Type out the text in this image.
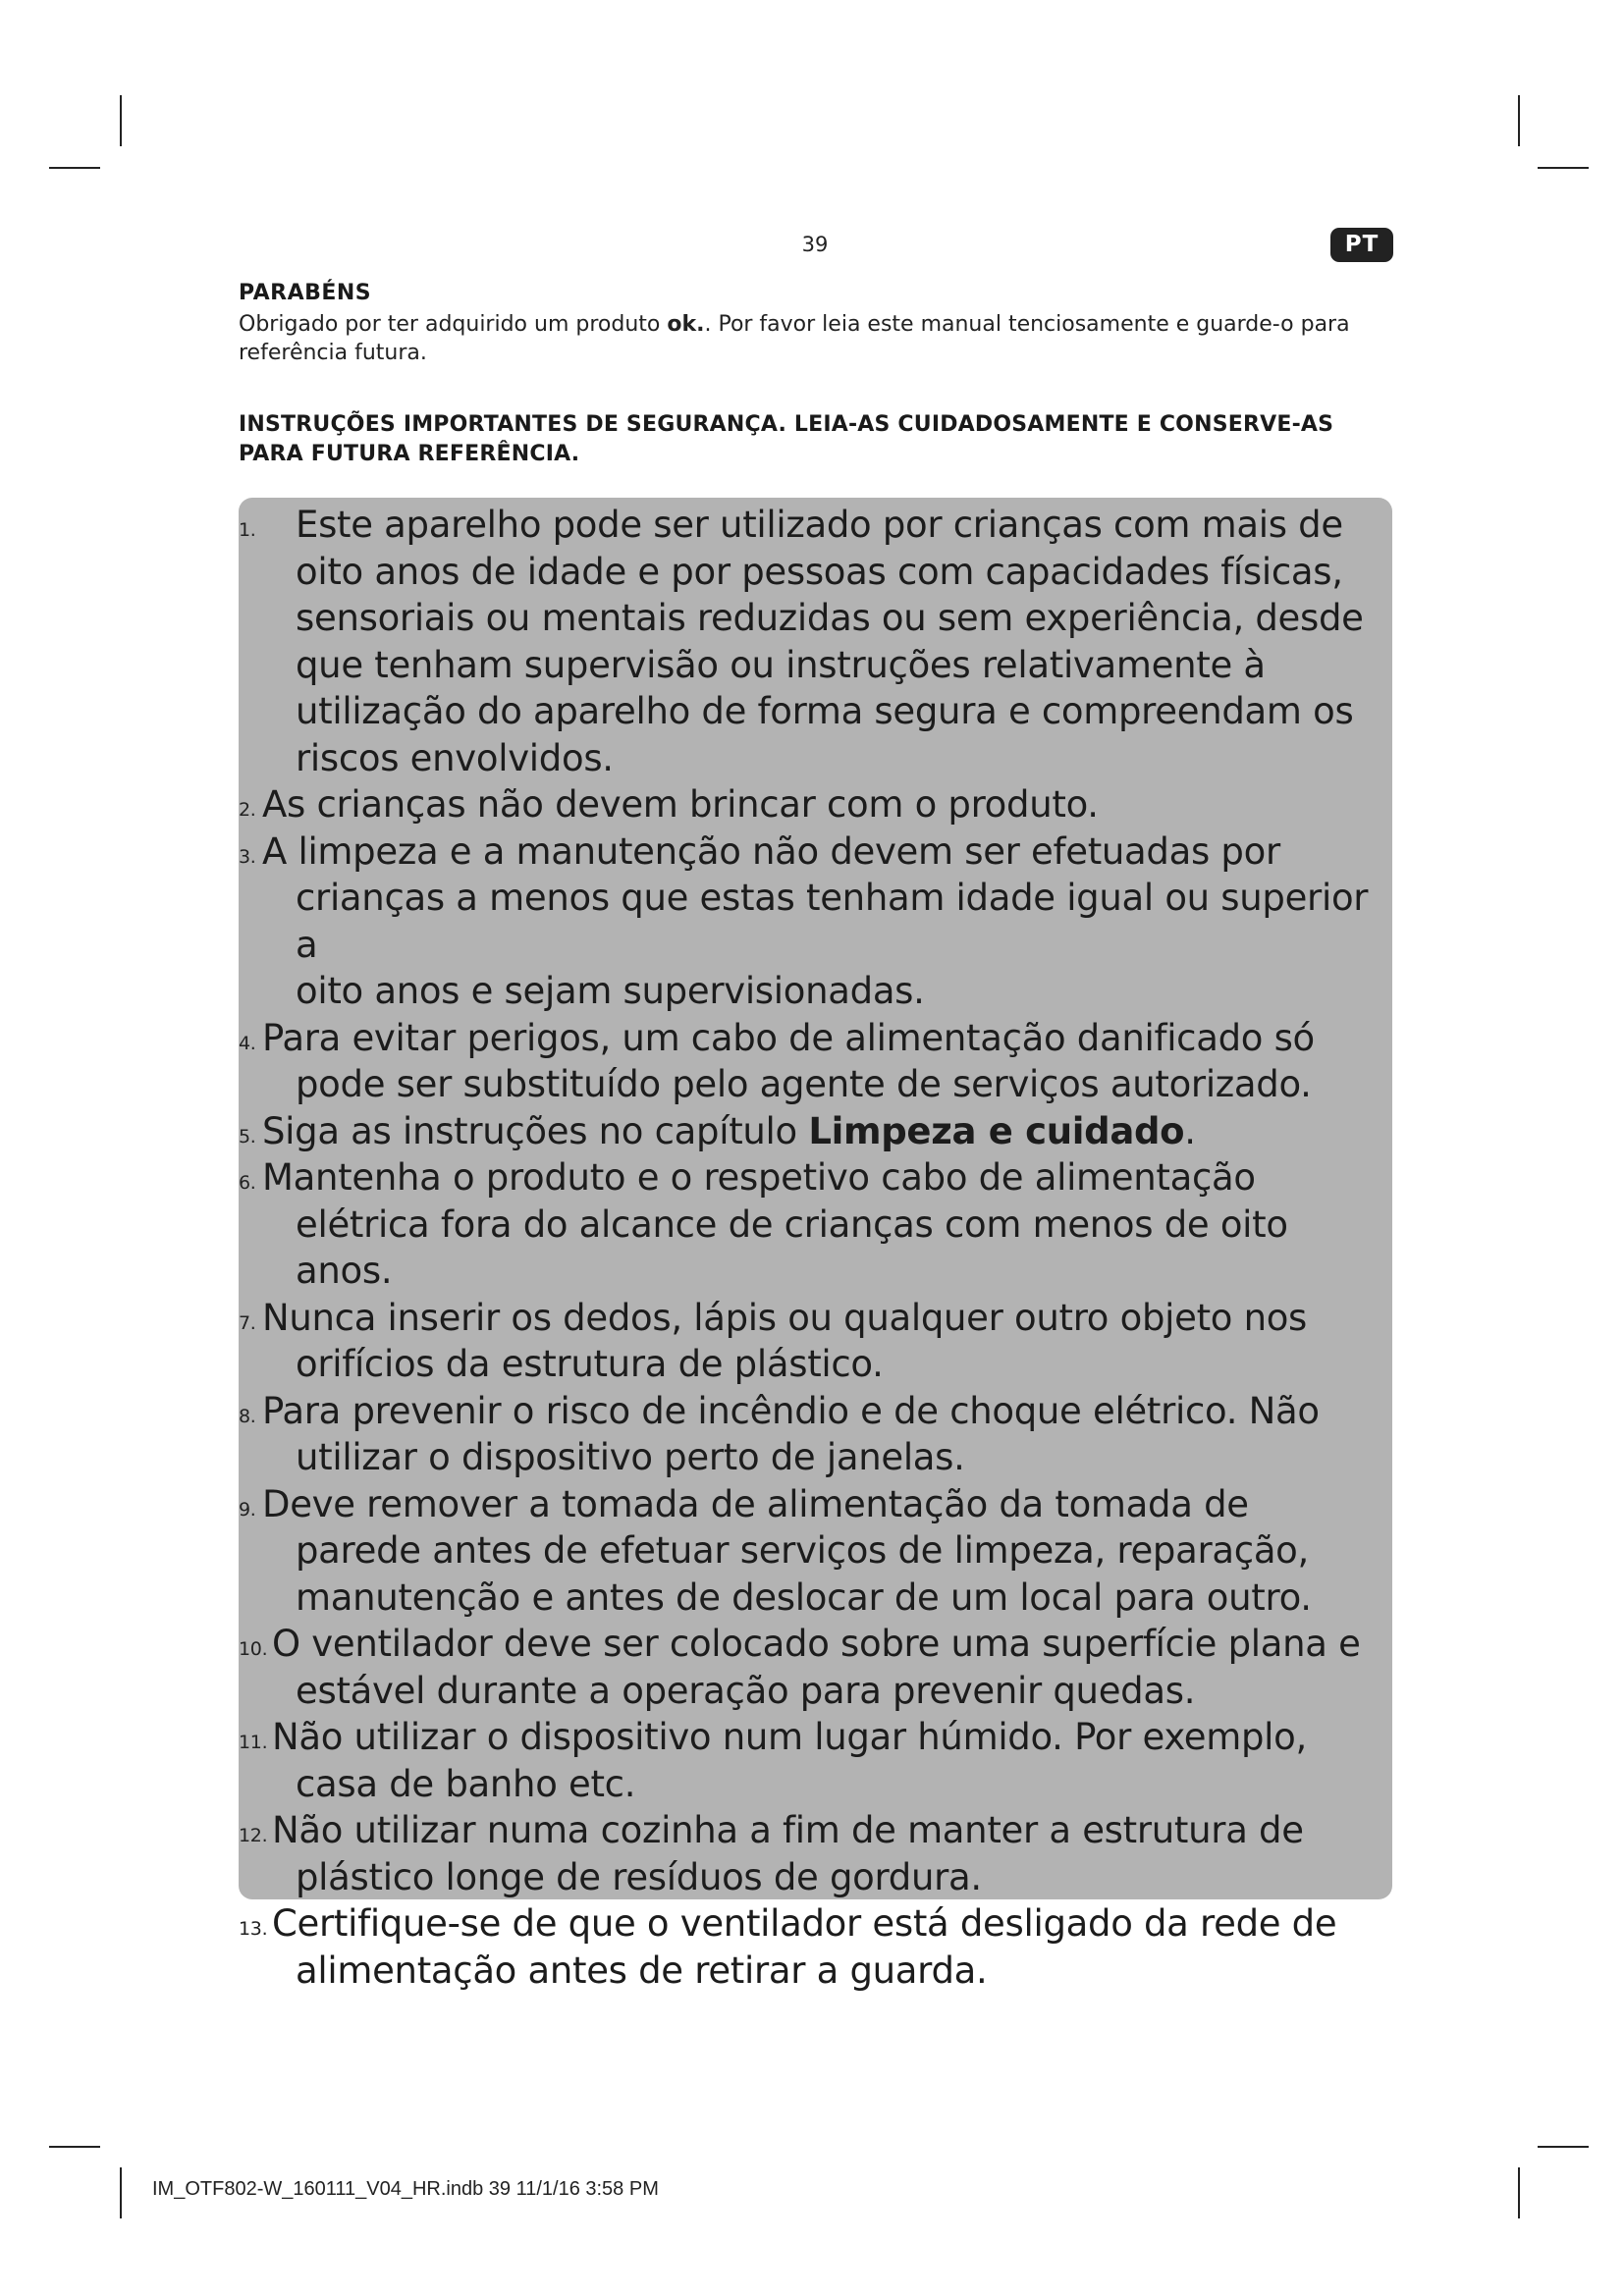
39	PT
PARABÉNS
Obrigado por ter adquirido um produto ok.. Por favor leia este manual tenciosamente e guarde-o para referência futura.
INSTRUÇÕES IMPORTANTES DE SEGURANÇA. LEIA-AS CUIDADOSAMENTE E CONSERVE-AS PARA FUTURA REFERÊNCIA.
1. Este aparelho pode ser utilizado por crianças com mais de
oito anos de idade e por pessoas com capacidades físicas,
sensoriais ou mentais reduzidas ou sem experiência, desde
que tenham supervisão ou instruções relativamente à
utilização do aparelho de forma segura e compreendam os
riscos envolvidos.
2. As crianças não devem brincar com o produto.
3. A limpeza e a manutenção não devem ser efetuadas por
crianças a menos que estas tenham idade igual ou superior a
oito anos e sejam supervisionadas.
4. Para evitar perigos, um cabo de alimentação danificado só
pode ser substituído pelo agente de serviços autorizado.
5. Siga as instruções no capítulo Limpeza e cuidado.
6. Mantenha o produto e o respetivo cabo de alimentação
elétrica fora do alcance de crianças com menos de oito anos.
7. Nunca inserir os dedos, lápis ou qualquer outro objeto nos
orifícios da estrutura de plástico.
8. Para prevenir o risco de incêndio e de choque elétrico. Não
utilizar o dispositivo perto de janelas.
9. Deve remover a tomada de alimentação da tomada de
parede antes de efetuar serviços de limpeza, reparação,
manutenção e antes de deslocar de um local para outro.
10. O ventilador deve ser colocado sobre uma superfície plana e
estável durante a operação para prevenir quedas.
11. Não utilizar o dispositivo num lugar húmido. Por exemplo,
casa de banho etc.
12. Não utilizar numa cozinha a fim de manter a estrutura de
plástico longe de resíduos de gordura.
13. Certifique-se de que o ventilador está desligado da rede de
alimentação antes de retirar a guarda.
IM_OTF802-W_160111_V04_HR.indb 39 11/1/16 3:58 PM
